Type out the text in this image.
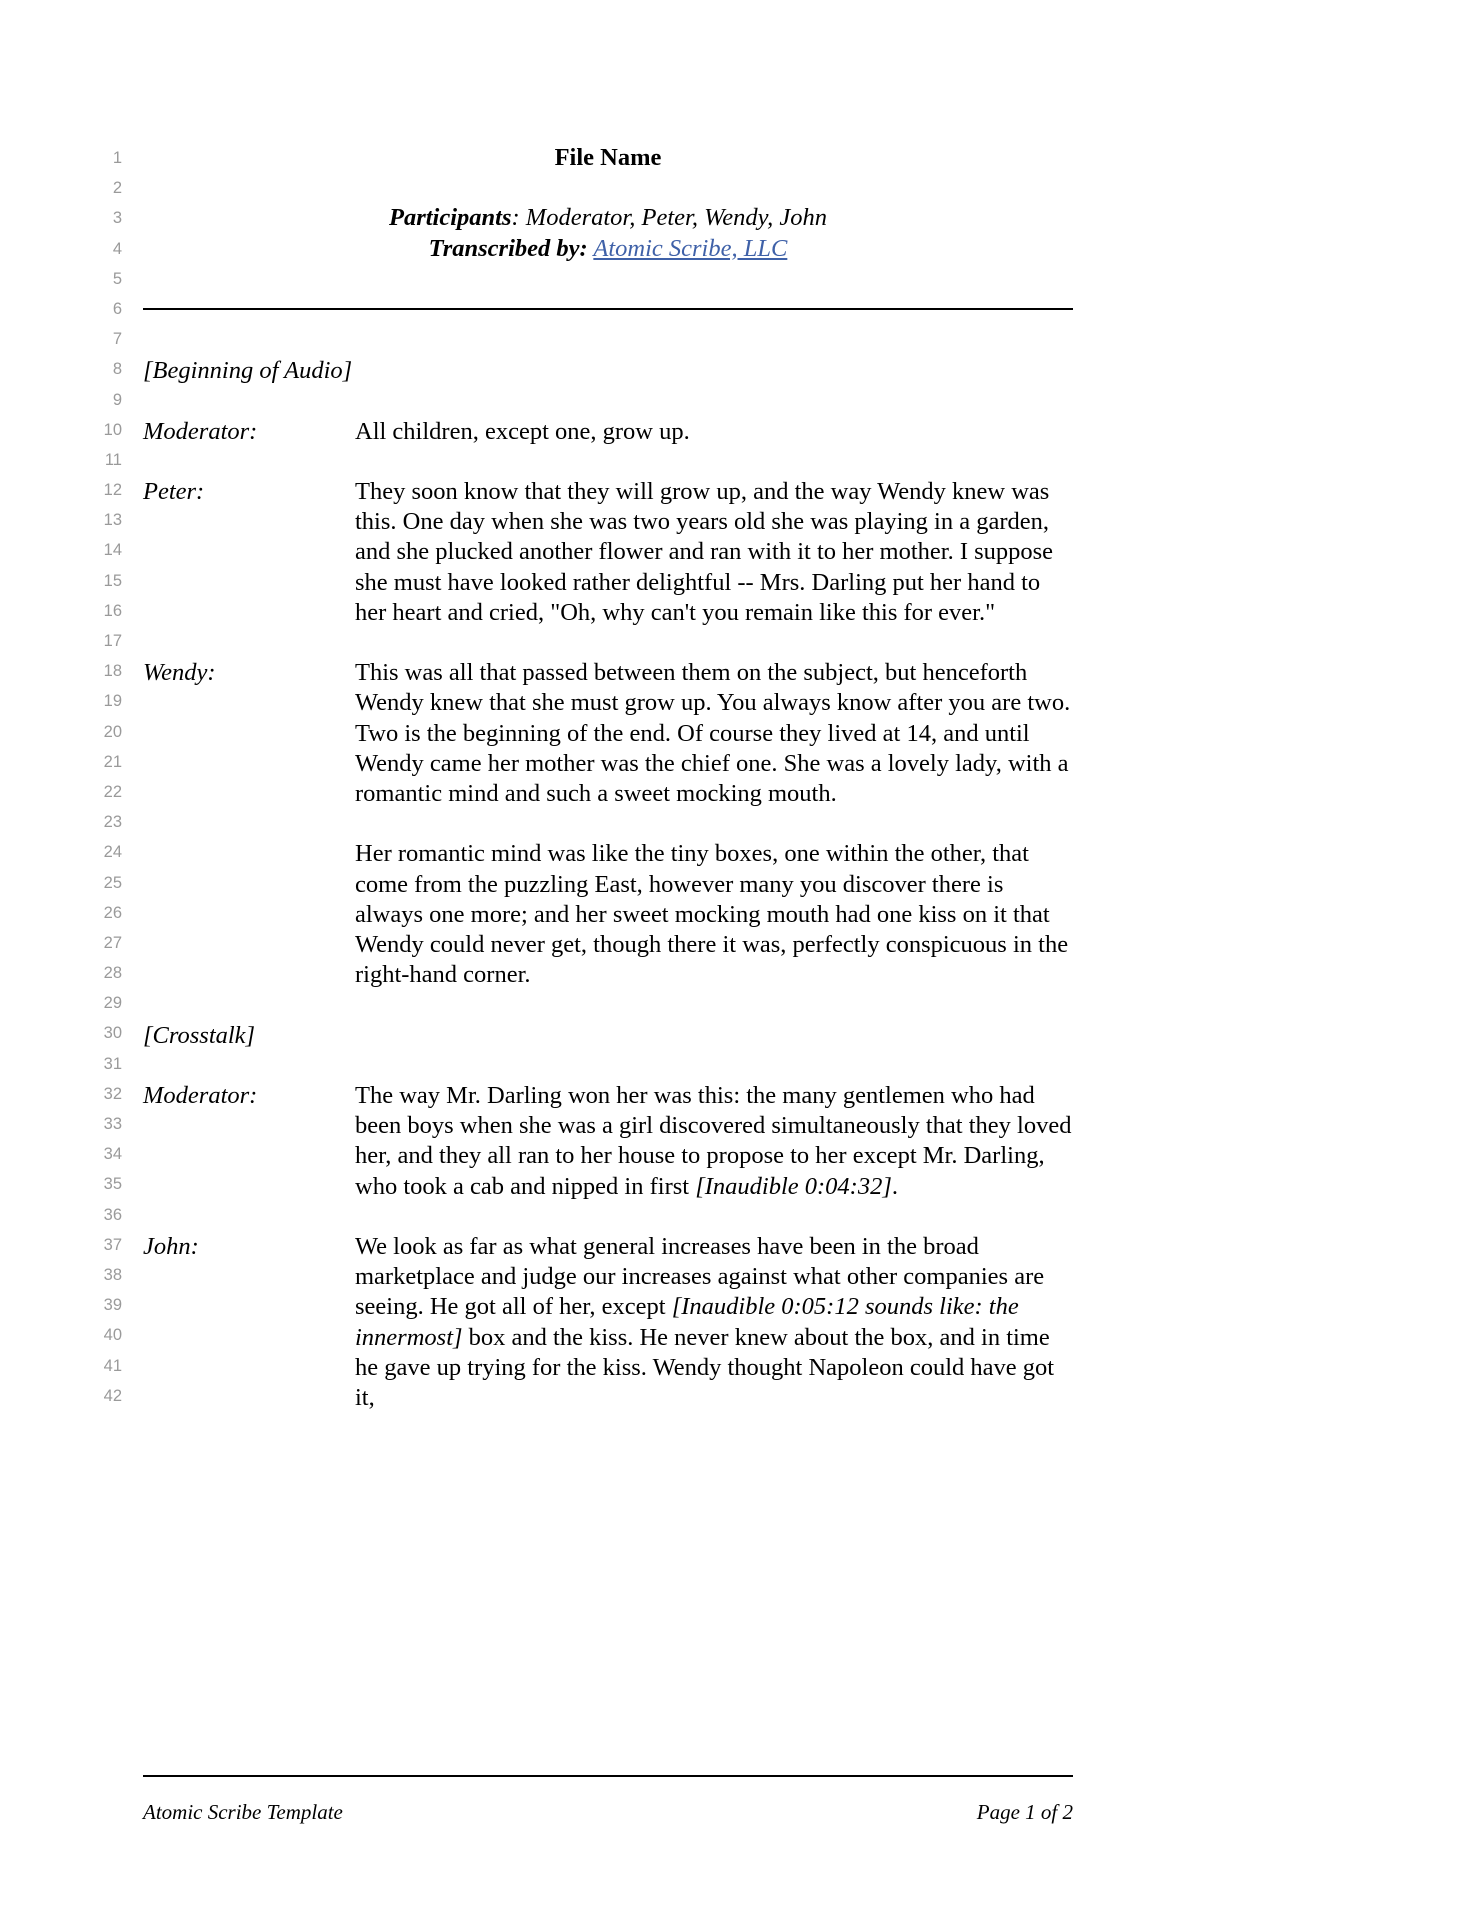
1
2
3
4
5
6
7
8
9
10
11
12
13
14
15
16
17
18
19
20
21
22
23
24
25
26
27
28
29
30
31
32
33
34
35
36
37
38
39
40
41
42
File Name
Participants: Moderator, Peter, Wendy, John
Transcribed by: Atomic Scribe, LLC
[Beginning of Audio]
Moderator:	All children, except one, grow up.
Peter:	They soon know that they will grow up, and the way Wendy knew was this. One day when she was two years old she was playing in a garden, and she plucked another flower and ran with it to her mother. I suppose she must have looked rather delightful -- Mrs. Darling put her hand to her heart and cried, "Oh, why can't you remain like this for ever."
Wendy:	This was all that passed between them on the subject, but henceforth Wendy knew that she must grow up. You always know after you are two. Two is the beginning of the end. Of course they lived at 14, and until Wendy came her mother was the chief one. She was a lovely lady, with a romantic mind and such a sweet mocking mouth.
Her romantic mind was like the tiny boxes, one within the other, that come from the puzzling East, however many you discover there is always one more; and her sweet mocking mouth had one kiss on it that Wendy could never get, though there it was, perfectly conspicuous in the right-hand corner.
[Crosstalk]
Moderator:	The way Mr. Darling won her was this: the many gentlemen who had been boys when she was a girl discovered simultaneously that they loved her, and they all ran to her house to propose to her except Mr. Darling, who took a cab and nipped in first [Inaudible 0:04:32].
John:	We look as far as what general increases have been in the broad marketplace and judge our increases against what other companies are seeing. He got all of her, except [Inaudible 0:05:12 sounds like: the innermost] box and the kiss. He never knew about the box, and in time he gave up trying for the kiss. Wendy thought Napoleon could have got it,
Atomic Scribe Template	Page 1 of 2
